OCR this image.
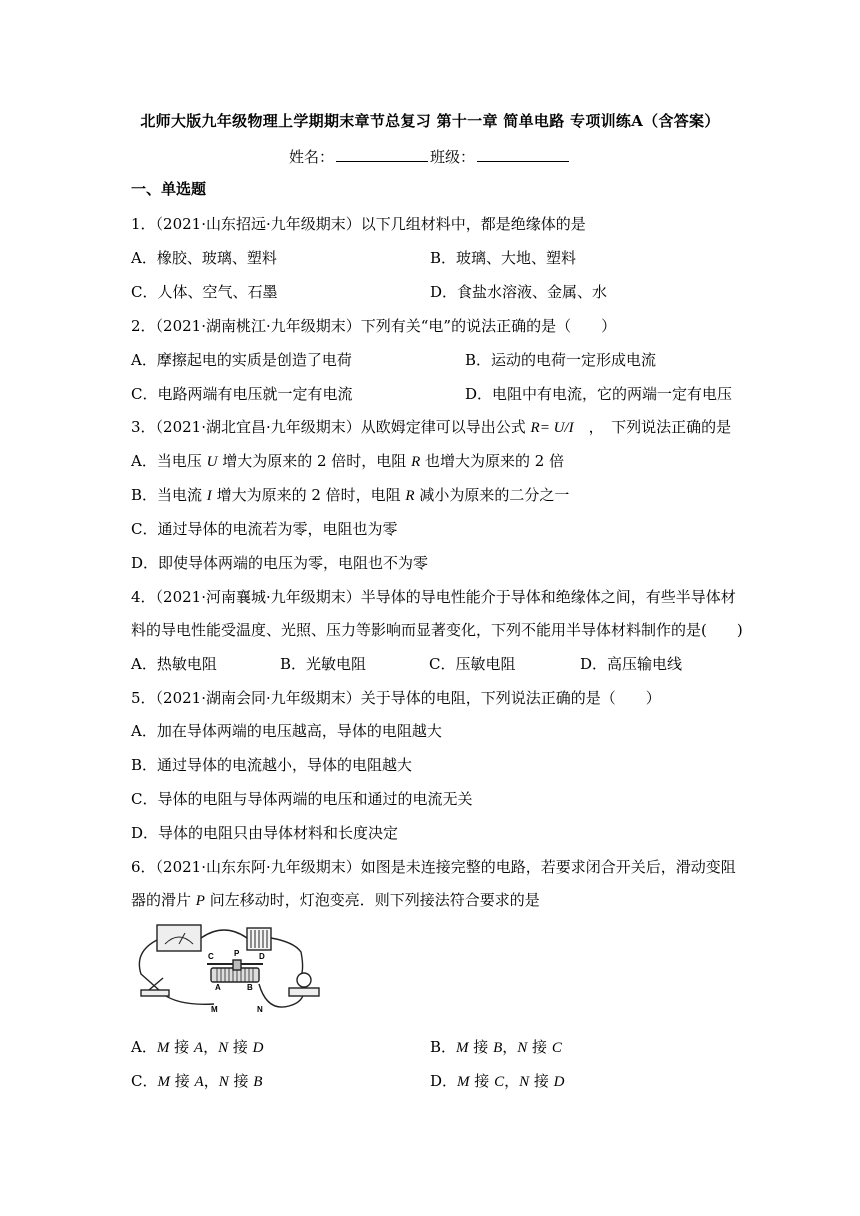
北师大版九年级物理上学期期末章节总复习 第十一章 简单电路 专项训练A（含答案）
姓名：	班级：
一、单选题
1．（2021·山东招远·九年级期末）以下几组材料中，都是绝缘体的是
A．橡胶、玻璃、塑料	B．玻璃、大地、塑料
C．人体、空气、石墨	D．食盐水溶液、金属、水
2．（2021·湖南桃江·九年级期末）下列有关“电”的说法正确的是（　　）
A．摩擦起电的实质是创造了电荷	B．运动的电荷一定形成电流
C．电路两端有电压就一定有电流	D．电阻中有电流，它的两端一定有电压
3．（2021·湖北宜昌·九年级期末）从欧姆定律可以导出公式 R= U/I　，　下列说法正确的是
A．当电压 U 增大为原来的 2 倍时，电阻 R 也增大为原来的 2 倍
B．当电流 I 增大为原来的 2 倍时，电阻 R 减小为原来的二分之一
C．通过导体的电流若为零，电阻也为零
D．即使导体两端的电压为零，电阻也不为零
4．（2021·河南襄城·九年级期末）半导体的导电性能介于导体和绝缘体之间，有些半导体材
料的导电性能受温度、光照、压力等影响而显著变化，下列不能用半导体材料制作的是(　　)
A．热敏电阻	B．光敏电阻	C．压敏电阻	D．高压输电线
5．（2021·湖南会同·九年级期末）关于导体的电阻，下列说法正确的是（　　）
A．加在导体两端的电压越高，导体的电阻越大
B．通过导体的电流越小，导体的电阻越大
C．导体的电阻与导体两端的电压和通过的电流无关
D．导体的电阻只由导体材料和长度决定
6．（2021·山东东阿·九年级期末）如图是未连接完整的电路，若要求闭合开关后，滑动变阻
器的滑片 P 问左移动时，灯泡变亮．则下列接法符合要求的是
C	P D
A	B
M	N
A．M 接 A，N 接 D	B．M 接 B，N 接 C
C．M 接 A，N 接 B	D．M 接 C，N 接 D
